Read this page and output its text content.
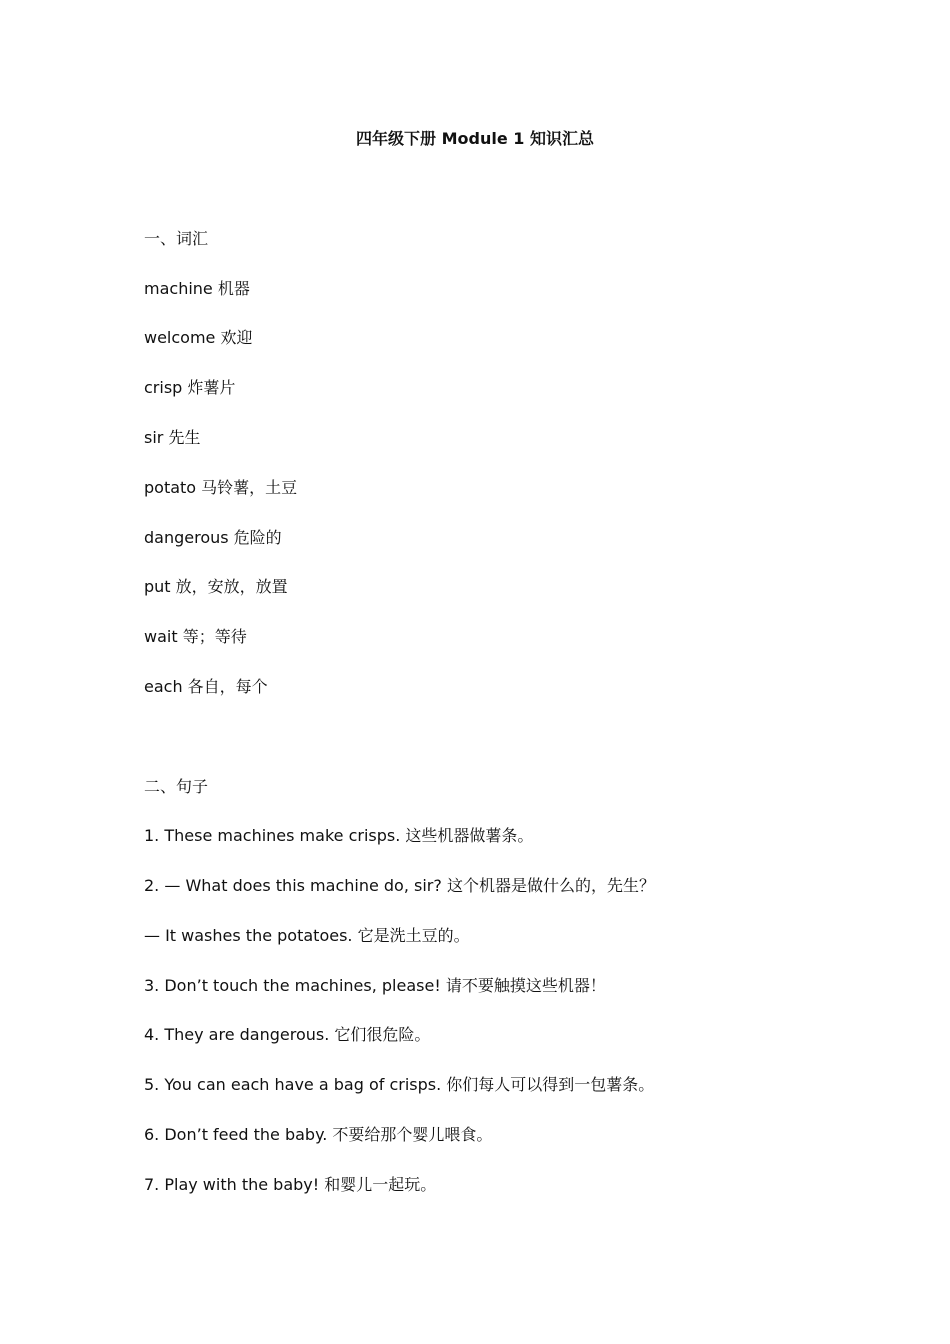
四年级下册 Module 1 知识汇总
一、词汇
machine 机器
welcome 欢迎
crisp 炸薯片
sir 先生
potato 马铃薯，土豆
dangerous 危险的
put 放，安放，放置
wait 等；等待
each 各自，每个
二、句子
1. These machines make crisps. 这些机器做薯条。
2. — What does this machine do, sir? 这个机器是做什么的，先生？
— It washes the potatoes. 它是洗土豆的。
3. Don’t touch the machines, please! 请不要触摸这些机器！
4. They are dangerous. 它们很危险。
5. You can each have a bag of crisps. 你们每人可以得到一包薯条。
6. Don’t feed the baby. 不要给那个婴儿喂食。
7. Play with the baby! 和婴儿一起玩。
